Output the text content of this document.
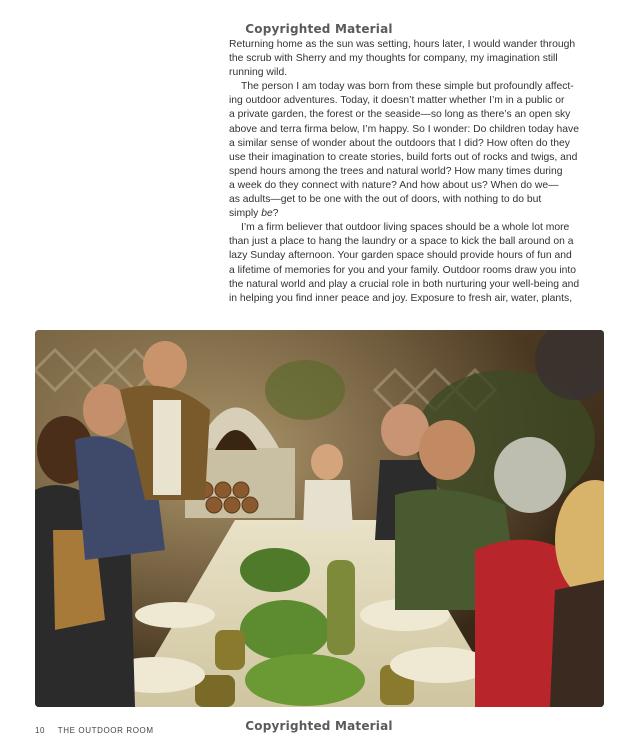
Copyrighted Material

Returning home as the sun was setting, hours later, I would wander through
the scrub with Sherry and my thoughts for company, my imagination still
running wild.

The person I am today was born from these simple but profoundly affect-
ing outdoor adventures. Today, it doesn’t matter whether I’m in a public or
a private garden, the forest or the seaside—so long as there’s an open sky
above and terra firma below, I’m happy. So I wonder: Do children today have
a similar sense of wonder about the outdoors that I did? How often do they
use their imagination to create stories, build forts out of rocks and twigs, and
spend hours among the trees and natural world? How many times during
a week do they connect with nature? And how about us? When do we—
as adults—get to be one with the out of doors, with nothing to do but
simply be?

I’m a firm believer that outdoor living spaces should be a whole lot more
than just a place to hang the laundry or a space to kick the ball around on a
lazy Sunday afternoon. Your garden space should provide hours of fun and
a lifetime of memories for you and your family. Outdoor rooms draw you into
the natural world and play a crucial role in both nurturing your well-being and
in helping you find inner peace and joy. Exposure to fresh air, water, plants,

Copyrighted Material
10 THE OUTDOOR ROOM
